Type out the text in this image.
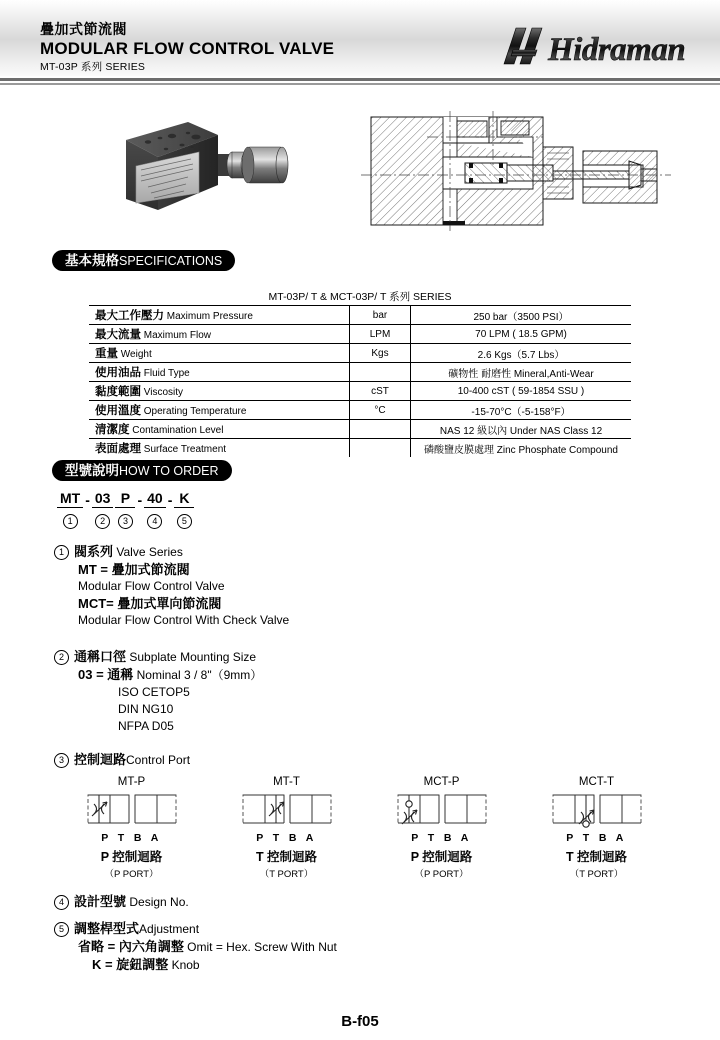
疊加式節流閥
MODULAR FLOW CONTROL VALVE
MT-03P 系列 SERIES	Hidraman
基本規格SPECIFICATIONS
MT-03P/ T & MCT-03P/ T 系列 SERIES		
最大工作壓力 Maximum Pressure	bar	250 bar（3500 PSI）
最大流量 Maximum Flow	LPM	70 LPM ( 18.5 GPM)
重量 Weight	Kgs	2.6 Kgs（5.7 Lbs）
使用油品 Fluid Type		礦物性 耐磨性 Mineral,Anti-Wear
黏度範圍 Viscosity	cST	10-400 cST ( 59-1854 SSU )
使用溫度 Operating Temperature	°C	-15-70°C（-5-158°F）
清潔度 Contamination Level		NAS 12 級以內 Under NAS Class 12
表面處理 Surface Treatment		磷酸鹽皮膜處理 Zinc Phosphate Compound
型號說明HOW TO ORDER
MT	-	03	P	-	40	-	K
1		2	3		4		5
1 閥系列 Valve Series
MT = 疊加式節流閥
Modular Flow Control Valve
MCT= 疊加式單向節流閥
Modular Flow Control With Check Valve
2 通稱口徑 Subplate Mounting Size
03 = 通稱 Nominal 3 / 8"（9mm）
ISO CETOP5
DIN NG10
NFPA D05
3 控制迴路Control Port
MT-P
P T B A
P 控制迴路
（P PORT）
MT-T
P T B A
T 控制迴路
（T PORT）
MCT-P
P T B A
P 控制迴路
（P PORT）
MCT-T
P T B A
T 控制迴路
（T PORT）
4 設計型號 Design No.
5 調整桿型式Adjustment
省略 = 內六角調整 Omit = Hex. Screw With Nut
K = 旋鈕調整 Knob
B-f05
